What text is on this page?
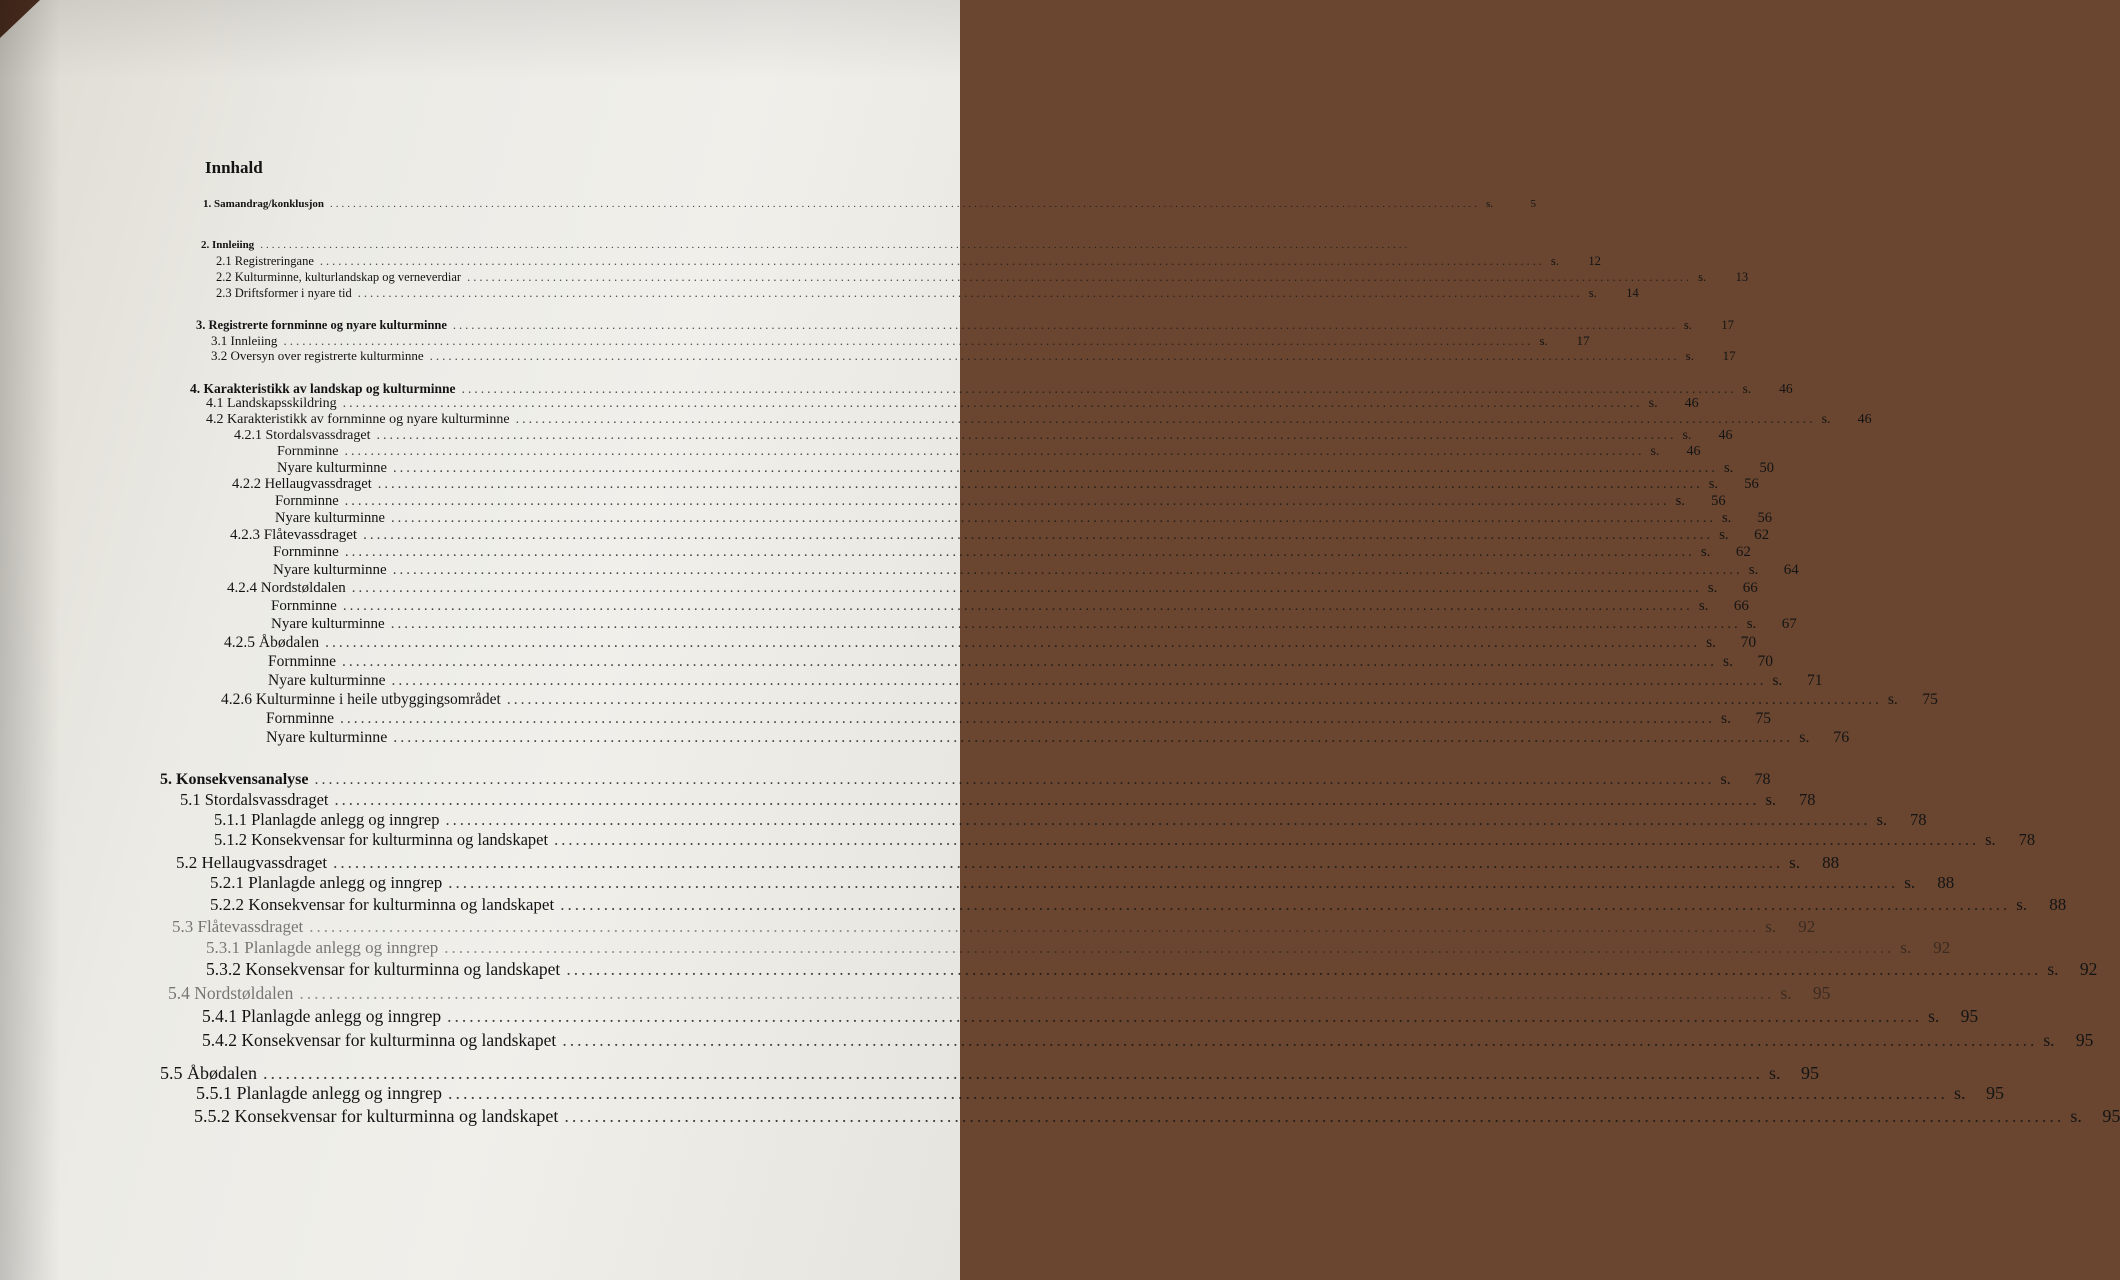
Innhald
1. Samandrag/konklusjon ........................................................................................................................................................................................................ s.	5
2. Innleiing ........................................................................................................................................................................................................
2.1 Registreringane ........................................................................................................................................................................................................ s.	12
2.2 Kulturminne, kulturlandskap og verneverdiar ........................................................................................................................................................................................................ s.	13
2.3 Driftsformer i nyare tid ........................................................................................................................................................................................................ s.	14
3. Registrerte fornminne og nyare kulturminne ........................................................................................................................................................................................................ s.	17
3.1 Innleiing ........................................................................................................................................................................................................ s.	17
3.2 Oversyn over registrerte kulturminne ........................................................................................................................................................................................................ s.	17
4. Karakteristikk av landskap og kulturminne ........................................................................................................................................................................................................ s.	46
4.1 Landskapsskildring ........................................................................................................................................................................................................ s.	46
4.2 Karakteristikk av fornminne og nyare kulturminne ........................................................................................................................................................................................................ s.	46
4.2.1 Stordalsvassdraget ........................................................................................................................................................................................................ s.	46
Fornminne ........................................................................................................................................................................................................ s.	46
Nyare kulturminne ........................................................................................................................................................................................................ s.	50
4.2.2 Hellaugvassdraget ........................................................................................................................................................................................................ s.	56
Fornminne ........................................................................................................................................................................................................ s.	56
Nyare kulturminne ........................................................................................................................................................................................................ s.	56
4.2.3 Flåtevassdraget ........................................................................................................................................................................................................ s.	62
Fornminne ........................................................................................................................................................................................................ s.	62
Nyare kulturminne ........................................................................................................................................................................................................ s.	64
4.2.4 Nordstøldalen ........................................................................................................................................................................................................ s.	66
Fornminne ........................................................................................................................................................................................................ s.	66
Nyare kulturminne ........................................................................................................................................................................................................ s.	67
4.2.5 Åbødalen ........................................................................................................................................................................................................ s.	70
Fornminne ........................................................................................................................................................................................................ s.	70
Nyare kulturminne ........................................................................................................................................................................................................ s.	71
4.2.6 Kulturminne i heile utbyggingsområdet ........................................................................................................................................................................................................ s.	75
Fornminne ........................................................................................................................................................................................................ s.	75
Nyare kulturminne ........................................................................................................................................................................................................ s.	76
5. Konsekvensanalyse ........................................................................................................................................................................................................ s.	78
5.1 Stordalsvassdraget ........................................................................................................................................................................................................ s.	78
5.1.1 Planlagde anlegg og inngrep ........................................................................................................................................................................................................ s.	78
5.1.2 Konsekvensar for kulturminna og landskapet ........................................................................................................................................................................................................ s.	78
5.2 Hellaugvassdraget ........................................................................................................................................................................................................ s.	88
5.2.1 Planlagde anlegg og inngrep ........................................................................................................................................................................................................ s.	88
5.2.2 Konsekvensar for kulturminna og landskapet ........................................................................................................................................................................................................ s.	88
5.3 Flåtevassdraget ........................................................................................................................................................................................................ s.	92
5.3.1 Planlagde anlegg og inngrep ........................................................................................................................................................................................................ s.	92
5.3.2 Konsekvensar for kulturminna og landskapet ........................................................................................................................................................................................................ s.	92
5.4 Nordstøldalen ........................................................................................................................................................................................................ s.	95
5.4.1 Planlagde anlegg og inngrep ........................................................................................................................................................................................................ s.	95
5.4.2 Konsekvensar for kulturminna og landskapet ........................................................................................................................................................................................................ s.	95
5.5 Åbødalen ........................................................................................................................................................................................................ s.	95
5.5.1 Planlagde anlegg og inngrep ........................................................................................................................................................................................................ s.	95
5.5.2 Konsekvensar for kulturminna og landskapet ........................................................................................................................................................................................................ s.	95
